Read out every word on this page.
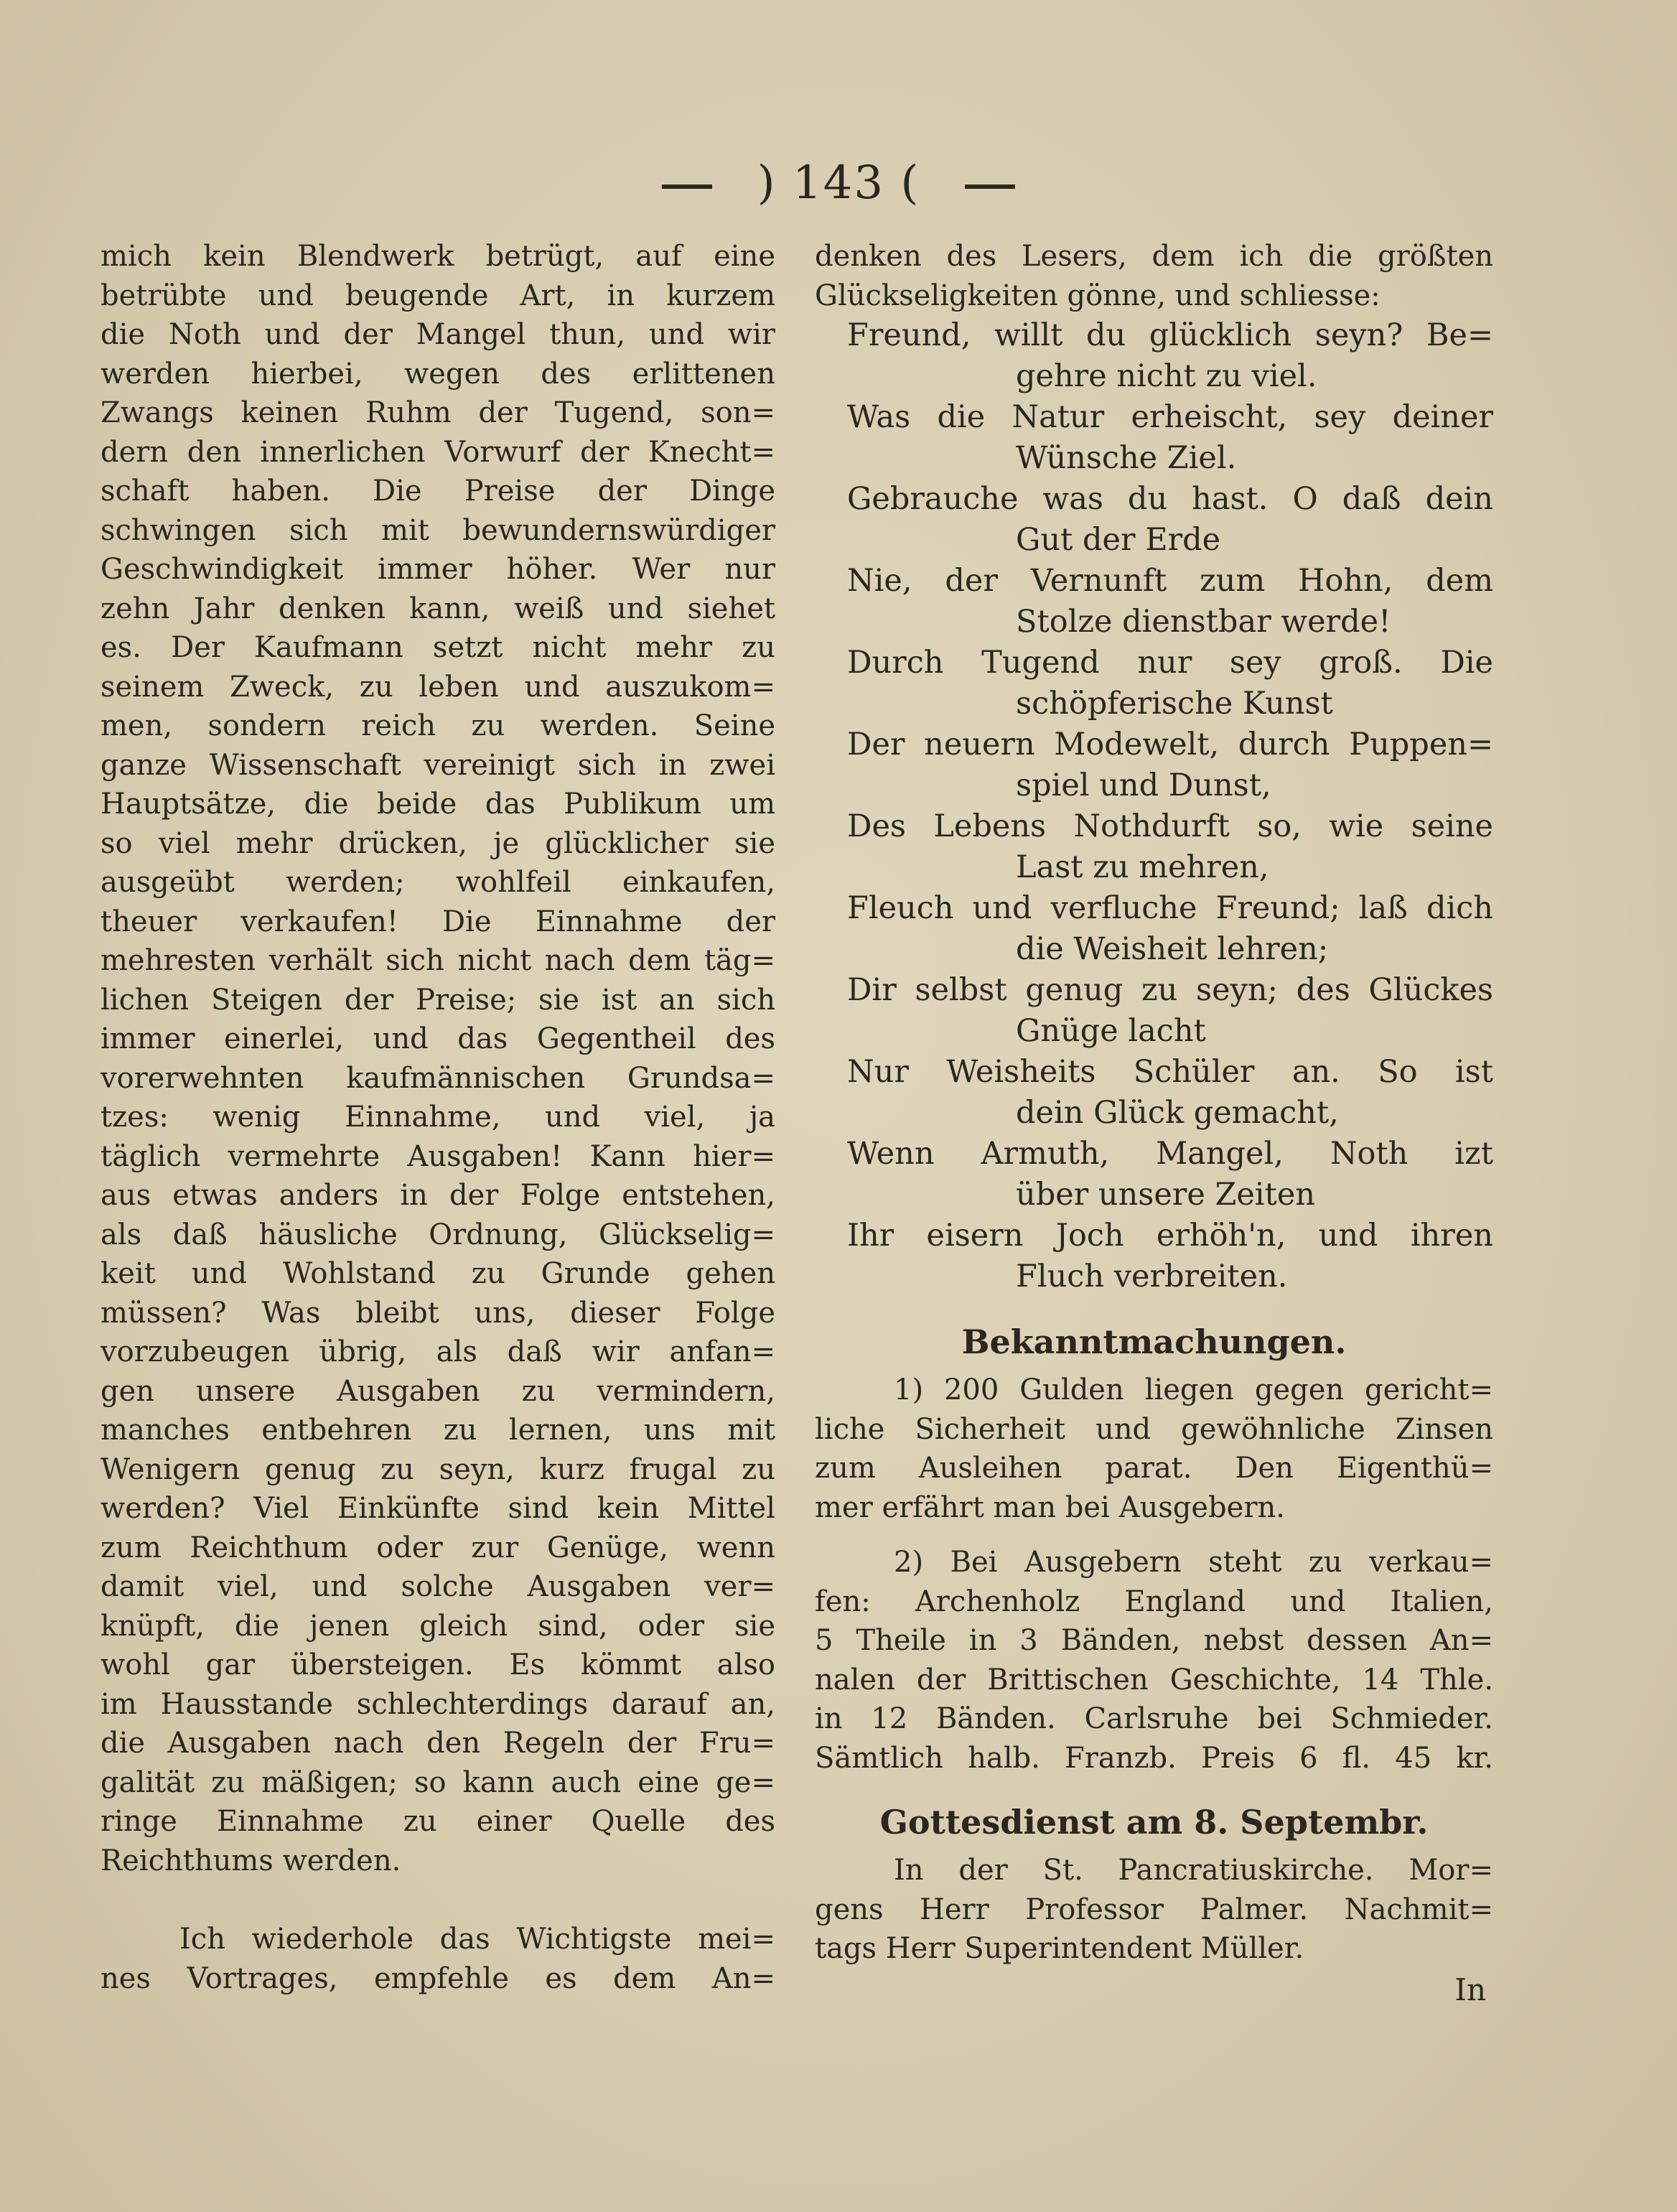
) 143 (
mich kein Blendwerk betrügt, auf eine
betrübte und beugende Art, in kurzem
die Noth und der Mangel thun, und wir
werden hierbei, wegen des erlittenen
Zwangs keinen Ruhm der Tugend, son=
dern den innerlichen Vorwurf der Knecht=
schaft haben. Die Preise der Dinge
schwingen sich mit bewundernswürdiger
Geschwindigkeit immer höher. Wer nur
zehn Jahr denken kann, weiß und siehet
es. Der Kaufmann setzt nicht mehr zu
seinem Zweck, zu leben und auszukom=
men, sondern reich zu werden. Seine
ganze Wissenschaft vereinigt sich in zwei
Hauptsätze, die beide das Publikum um
so viel mehr drücken, je glücklicher sie
ausgeübt werden; wohlfeil einkaufen,
theuer verkaufen! Die Einnahme der
mehresten verhält sich nicht nach dem täg=
lichen Steigen der Preise; sie ist an sich
immer einerlei, und das Gegentheil des
vorerwehnten kaufmännischen Grundsa=
tzes: wenig Einnahme, und viel, ja
täglich vermehrte Ausgaben! Kann hier=
aus etwas anders in der Folge entstehen,
als daß häusliche Ordnung, Glückselig=
keit und Wohlstand zu Grunde gehen
müssen? Was bleibt uns, dieser Folge
vorzubeugen übrig, als daß wir anfan=
gen unsere Ausgaben zu vermindern,
manches entbehren zu lernen, uns mit
Wenigern genug zu seyn, kurz frugal zu
werden? Viel Einkünfte sind kein Mittel
zum Reichthum oder zur Genüge, wenn
damit viel, und solche Ausgaben ver=
knüpft, die jenen gleich sind, oder sie
wohl gar übersteigen. Es kömmt also
im Hausstande schlechterdings darauf an,
die Ausgaben nach den Regeln der Fru=
galität zu mäßigen; so kann auch eine ge=
ringe Einnahme zu einer Quelle des
Reichthums werden.
Ich wiederhole das Wichtigste mei=
nes Vortrages, empfehle es dem An=
denken des Lesers, dem ich die größten
Glückseligkeiten gönne, und schliesse:
Freund, willt du glücklich seyn? Be=
gehre nicht zu viel.
Was die Natur erheischt, sey deiner
Wünsche Ziel.
Gebrauche was du hast. O daß dein
Gut der Erde
Nie, der Vernunft zum Hohn, dem
Stolze dienstbar werde!
Durch Tugend nur sey groß. Die
schöpferische Kunst
Der neuern Modewelt, durch Puppen=
spiel und Dunst,
Des Lebens Nothdurft so, wie seine
Last zu mehren,
Fleuch und verfluche Freund; laß dich
die Weisheit lehren;
Dir selbst genug zu seyn; des Glückes
Gnüge lacht
Nur Weisheits Schüler an. So ist
dein Glück gemacht,
Wenn Armuth, Mangel, Noth izt
über unsere Zeiten
Ihr eisern Joch erhöh'n, und ihren
Fluch verbreiten.
Bekanntmachungen.
1) 200 Gulden liegen gegen gericht=
liche Sicherheit und gewöhnliche Zinsen
zum Ausleihen parat. Den Eigenthü=
mer erfährt man bei Ausgebern.
2) Bei Ausgebern steht zu verkau=
fen: Archenholz England und Italien,
5 Theile in 3 Bänden, nebst dessen An=
nalen der Brittischen Geschichte, 14 Thle.
in 12 Bänden. Carlsruhe bei Schmieder.
Sämtlich halb. Franzb. Preis 6 fl. 45 kr.
Gottesdienst am 8. Septembr.
In der St. Pancratiuskirche. Mor=
gens Herr Professor Palmer. Nachmit=
tags Herr Superintendent Müller.
In
